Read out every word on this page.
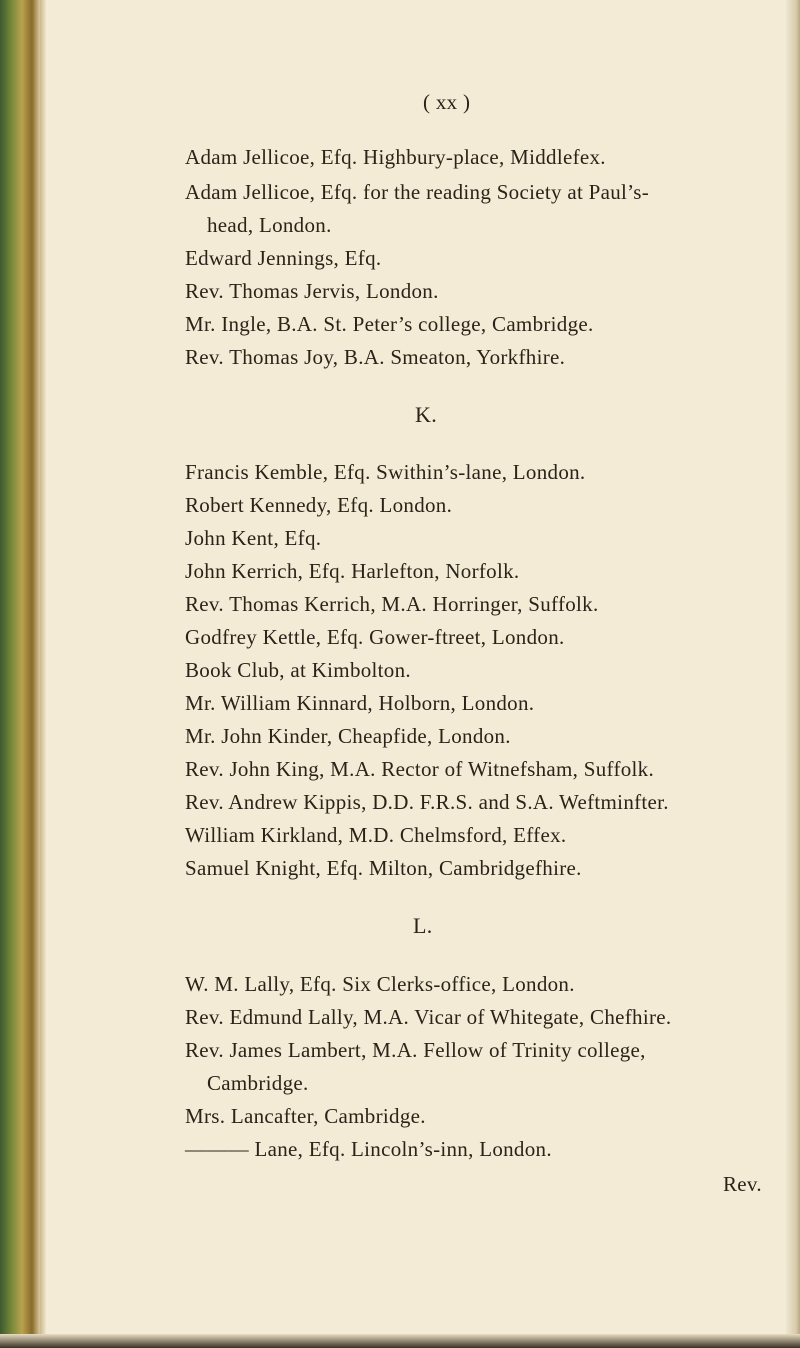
( xx )
Adam Jellicoe, Efq. Highbury-place, Middlefex.
Adam Jellicoe, Efq. for the reading Society at Paul’s-
head, London.
Edward Jennings, Efq.
Rev. Thomas Jervis, London.
Mr. Ingle, B.A. St. Peter’s college, Cambridge.
Rev. Thomas Joy, B.A. Smeaton, Yorkfhire.
K.
Francis Kemble, Efq. Swithin’s-lane, London.
Robert Kennedy, Efq. London.
John Kent, Efq.
John Kerrich, Efq. Harlefton, Norfolk.
Rev. Thomas Kerrich, M.A. Horringer, Suffolk.
Godfrey Kettle, Efq. Gower-ftreet, London.
Book Club, at Kimbolton.
Mr. William Kinnard, Holborn, London.
Mr. John Kinder, Cheapfide, London.
Rev. John King, M.A. Rector of Witnefsham, Suffolk.
Rev. Andrew Kippis, D.D. F.R.S. and S.A. Weftminfter.
William Kirkland, M.D. Chelmsford, Effex.
Samuel Knight, Efq. Milton, Cambridgefhire.
L.
W. M. Lally, Efq. Six Clerks-office, London.
Rev. Edmund Lally, M.A. Vicar of Whitegate, Chefhire.
Rev. James Lambert, M.A. Fellow of Trinity college,
Cambridge.
Mrs. Lancafter, Cambridge.
——— Lane, Efq. Lincoln’s-inn, London.
Rev.
